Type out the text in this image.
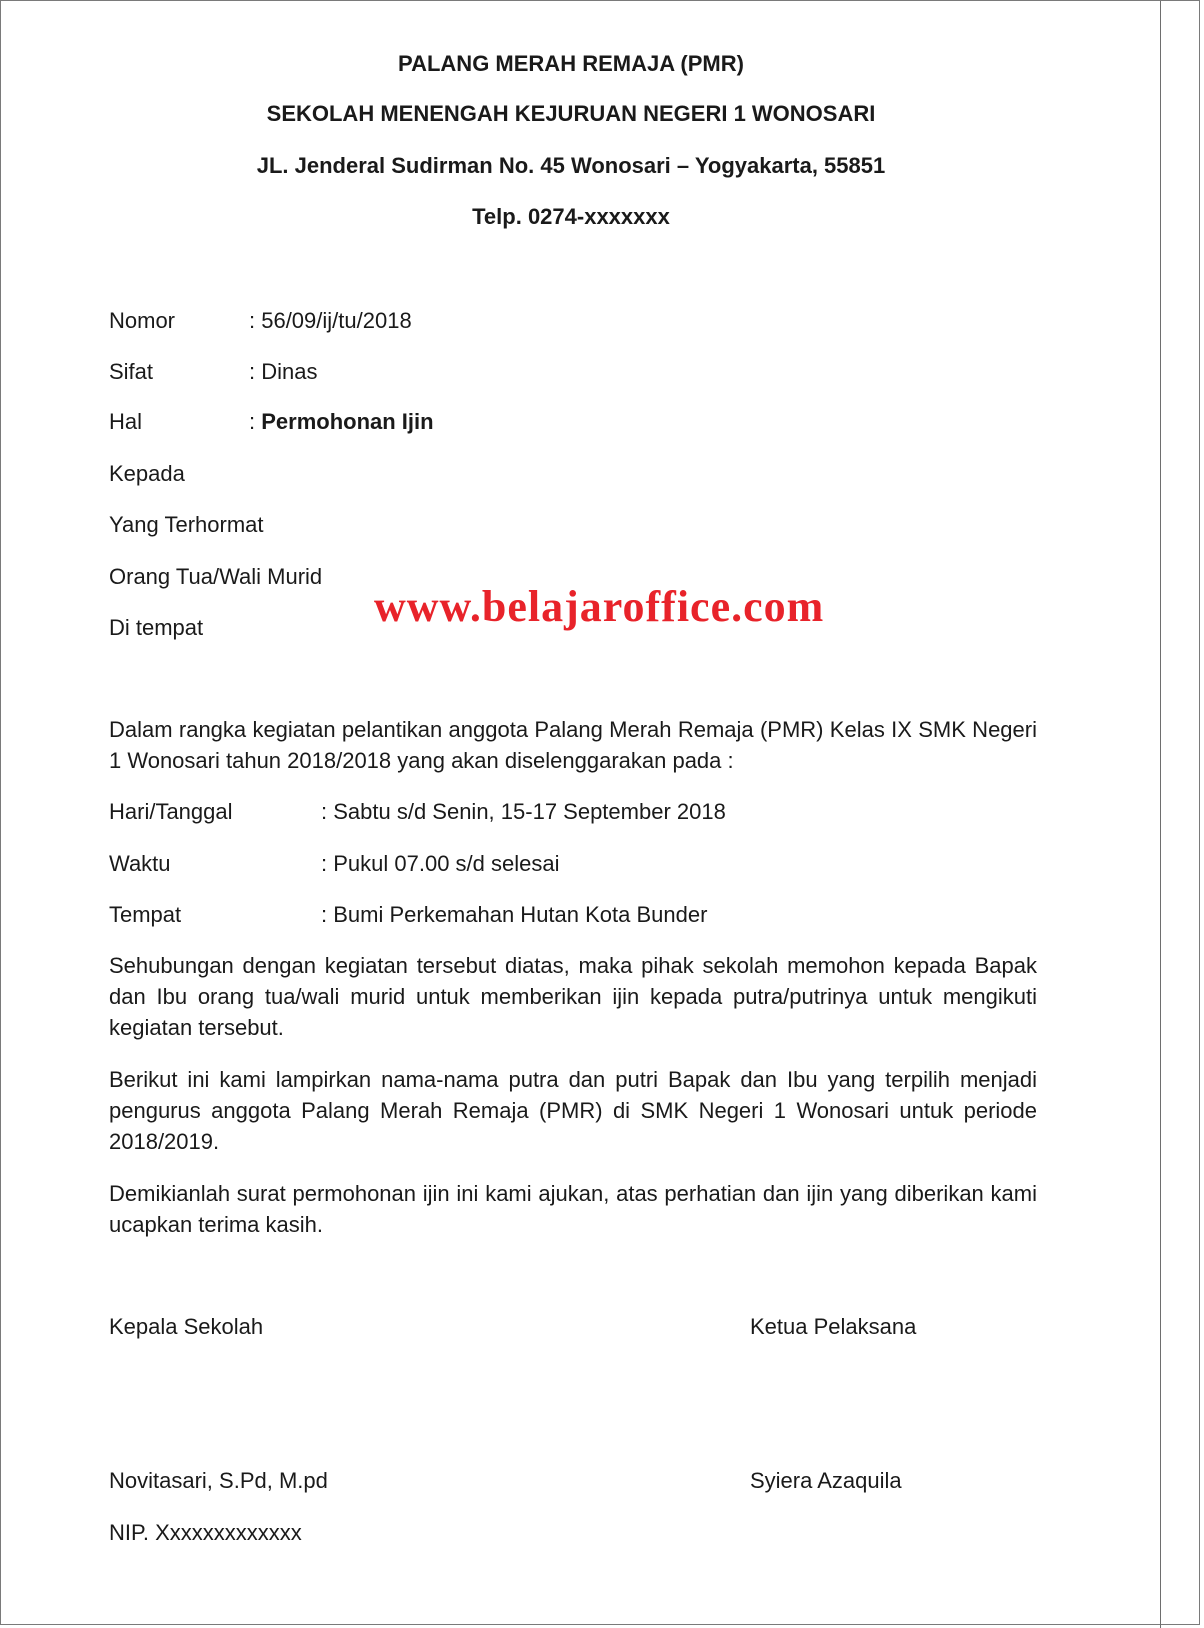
PALANG MERAH REMAJA (PMR)
SEKOLAH MENENGAH KEJURUAN NEGERI 1 WONOSARI
JL. Jenderal Sudirman No. 45 Wonosari – Yogyakarta, 55851
Telp. 0274-xxxxxxx
Nomor	: 56/09/ij/tu/2018
Sifat	: Dinas
Hal	: Permohonan Ijin
Kepada
Yang Terhormat
Orang Tua/Wali Murid
Di tempat	www.belajaroffice.com
Dalam rangka kegiatan pelantikan anggota Palang Merah Remaja (PMR) Kelas IX SMK Negeri 1 Wonosari tahun 2018/2018 yang akan diselenggarakan pada :
Hari/Tanggal	: Sabtu s/d Senin, 15-17 September 2018
Waktu	: Pukul 07.00 s/d selesai
Tempat	: Bumi Perkemahan Hutan Kota Bunder
Sehubungan dengan kegiatan tersebut diatas, maka pihak sekolah memohon kepada Bapak dan Ibu orang tua/wali murid untuk memberikan ijin kepada putra/putrinya untuk mengikuti kegiatan tersebut.
Berikut ini kami lampirkan nama-nama putra dan putri Bapak dan Ibu yang terpilih menjadi pengurus anggota Palang Merah Remaja (PMR) di SMK Negeri 1 Wonosari untuk periode 2018/2019.
Demikianlah surat permohonan ijin ini kami ajukan, atas perhatian dan ijin yang diberikan kami ucapkan terima kasih.
Kepala Sekolah	Ketua Pelaksana
Novitasari, S.Pd, M.pd	Syiera Azaquila
NIP. Xxxxxxxxxxxxx
